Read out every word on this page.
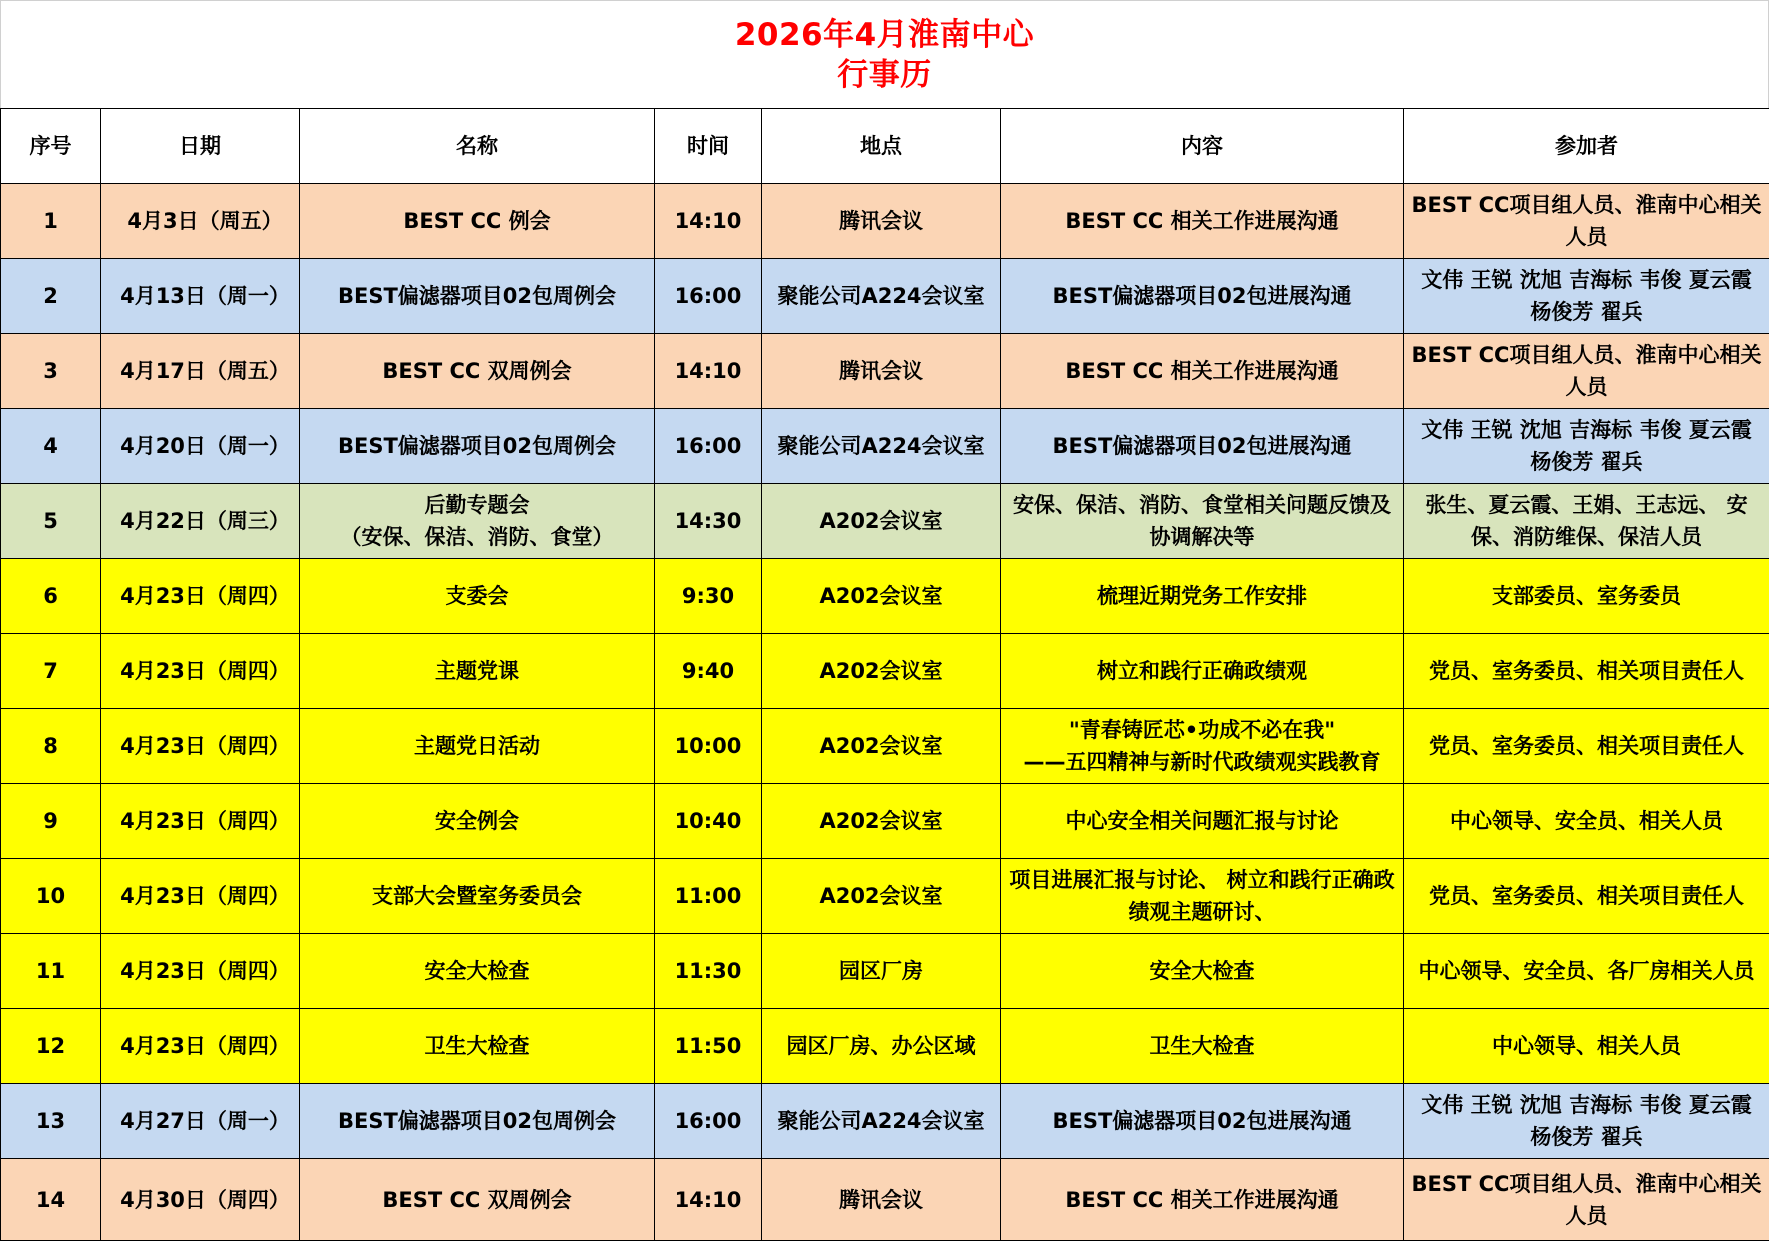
2026年4月淮南中心
行事历
序号	日期	名称	时间	地点	内容	参加者
1	4月3日（周五）	BEST CC 例会	14:10	腾讯会议	BEST CC 相关工作进展沟通	BEST CC项目组人员、淮南中心相关人员
2	4月13日（周一）	BEST偏滤器项目02包周例会	16:00	聚能公司A224会议室	BEST偏滤器项目02包进展沟通	文伟 王锐 沈旭 吉海标 韦俊 夏云霞
杨俊芳 翟兵
3	4月17日（周五）	BEST CC 双周例会	14:10	腾讯会议	BEST CC 相关工作进展沟通	BEST CC项目组人员、淮南中心相关人员
4	4月20日（周一）	BEST偏滤器项目02包周例会	16:00	聚能公司A224会议室	BEST偏滤器项目02包进展沟通	文伟 王锐 沈旭 吉海标 韦俊 夏云霞
杨俊芳 翟兵
5	4月22日（周三）	后勤专题会
（安保、保洁、消防、食堂）	14:30	A202会议室	安保、保洁、消防、食堂相关问题反馈及协调解决等	张生、夏云霞、王娟、王志远、 安保、消防维保、保洁人员
6	4月23日（周四）	支委会	9:30	A202会议室	梳理近期党务工作安排	支部委员、室务委员
7	4月23日（周四）	主题党课	9:40	A202会议室	树立和践行正确政绩观	党员、室务委员、相关项目责任人
8	4月23日（周四）	主题党日活动	10:00	A202会议室	"青春铸匠芯•功成不必在我"
——五四精神与新时代政绩观实践教育	党员、室务委员、相关项目责任人
9	4月23日（周四）	安全例会	10:40	A202会议室	中心安全相关问题汇报与讨论	中心领导、安全员、相关人员
10	4月23日（周四）	支部大会暨室务委员会	11:00	A202会议室	项目进展汇报与讨论、 树立和践行正确政绩观主题研讨、	党员、室务委员、相关项目责任人
11	4月23日（周四）	安全大检查	11:30	园区厂房	安全大检查	中心领导、安全员、各厂房相关人员
12	4月23日（周四）	卫生大检查	11:50	园区厂房、办公区域	卫生大检查	中心领导、相关人员
13	4月27日（周一）	BEST偏滤器项目02包周例会	16:00	聚能公司A224会议室	BEST偏滤器项目02包进展沟通	文伟 王锐 沈旭 吉海标 韦俊 夏云霞
杨俊芳 翟兵
14	4月30日（周四）	BEST CC 双周例会	14:10	腾讯会议	BEST CC 相关工作进展沟通	BEST CC项目组人员、淮南中心相关人员
